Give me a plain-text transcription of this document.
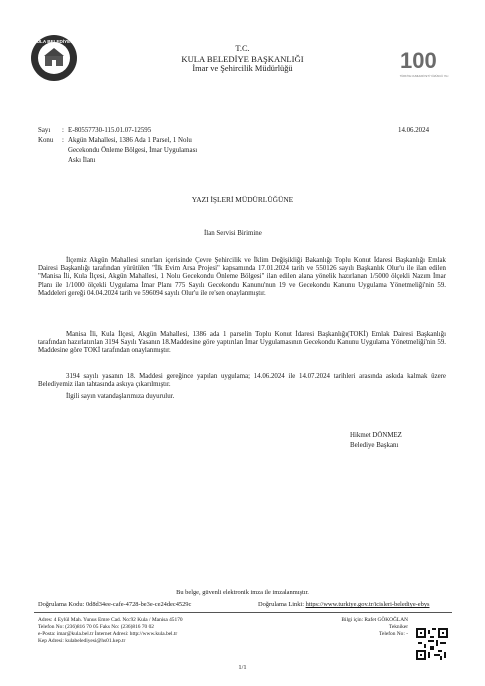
KULA BELEDİYESİ
T.C.
KULA BELEDİYE BAŞKANLIĞI
İmar ve Şehircilik Müdürlüğü	100
TÜRKİYE CUMHURİYETİ YÜZÜNCÜ YILI
Sayı	: E-80557730-115.01.07-12595
Konu	: Akgün Mahallesi, 1386 Ada 1 Parsel, 1 Nolu
Gecekondu Önleme Bölgesi, İmar Uygulaması
Askı İlanı
14.06.2024
YAZI İŞLERİ MÜDÜRLÜĞÜNE
İlan Servisi Birimine
İlçemiz Akgün Mahallesi sınırları içerisinde Çevre Şehircilik ve İklim Değişikliği Bakanlığı Toplu Konut İdaresi Başkanlığı Emlak Dairesi Başkanlığı tarafından yürütülen "İlk Evim Arsa Projesi" kapsamında 17.01.2024 tarih ve 550126 sayılı Başkanlık Olur'u ile ilan edilen "Manisa İli, Kula İlçesi, Akgün Mahallesi, 1 Nolu Gecekondu Önleme Bölgesi" ilan edilen alana yönelik hazırlanan 1/5000 ölçekli Nazım İmar Planı ile 1/1000 ölçekli Uygulama İmar Planı 775 Sayılı Gecekondu Kanunu'nun 19 ve Gecekondu Kanunu Uygulama Yönetmeliği'nin 59. Maddeleri gereği 04.04.2024 tarih ve 596094 sayılı Olur'u ile re'sen onaylanmıştır.
Manisa İli, Kula İlçesi, Akgün Mahallesi, 1386 ada 1 parselin Toplu Konut İdaresi Başkanlığı(TOKİ) Emlak Dairesi Başkanlığı tarafından hazırlatırılan 3194 Sayılı Yasanın 18.Maddesine göre yaptırılan İmar Uygulamasının Gecekondu Kanunu Uygulama Yönetmeliği'nin 59. Maddesine göre TOKİ tarafından onaylanmıştır.
3194 sayılı yasanın 18. Maddesi gereğince yapılan uygulama; 14.06.2024 ile 14.07.2024 tarihleri arasında askıda kalmak üzere Belediyemiz ilan tahtasında askıya çıkarılmıştır.
İlgili sayın vatandaşlarımıza duyurulur.
Hikmet DÖNMEZ
Belediye Başkanı
Bu belge, güvenli elektronik imza ile imzalanmıştır.
Doğrulama Kodu: 0d8d34ee-cafe-4728-be3e-ce24dec4529c	Doğrulama Linki: https://www.turkiye.gov.tr/icisleri-belediye-ebys
Adres: 4 Eylül Mah. Yunus Emre Cad. No:92 Kula / Manisa 45170
Telefon No: (236)816 70 05 Faks No: (236)816 70 02
e-Posta: imar@kula.bel.tr İnternet Adresi: http://www.kula.bel.tr
Kep Adresi: kulabelediyesi@hs01.kep.tr
Bilgi için: Rafet GÖKOĞLAN
Tekniker
Telefon No: -
1/1
